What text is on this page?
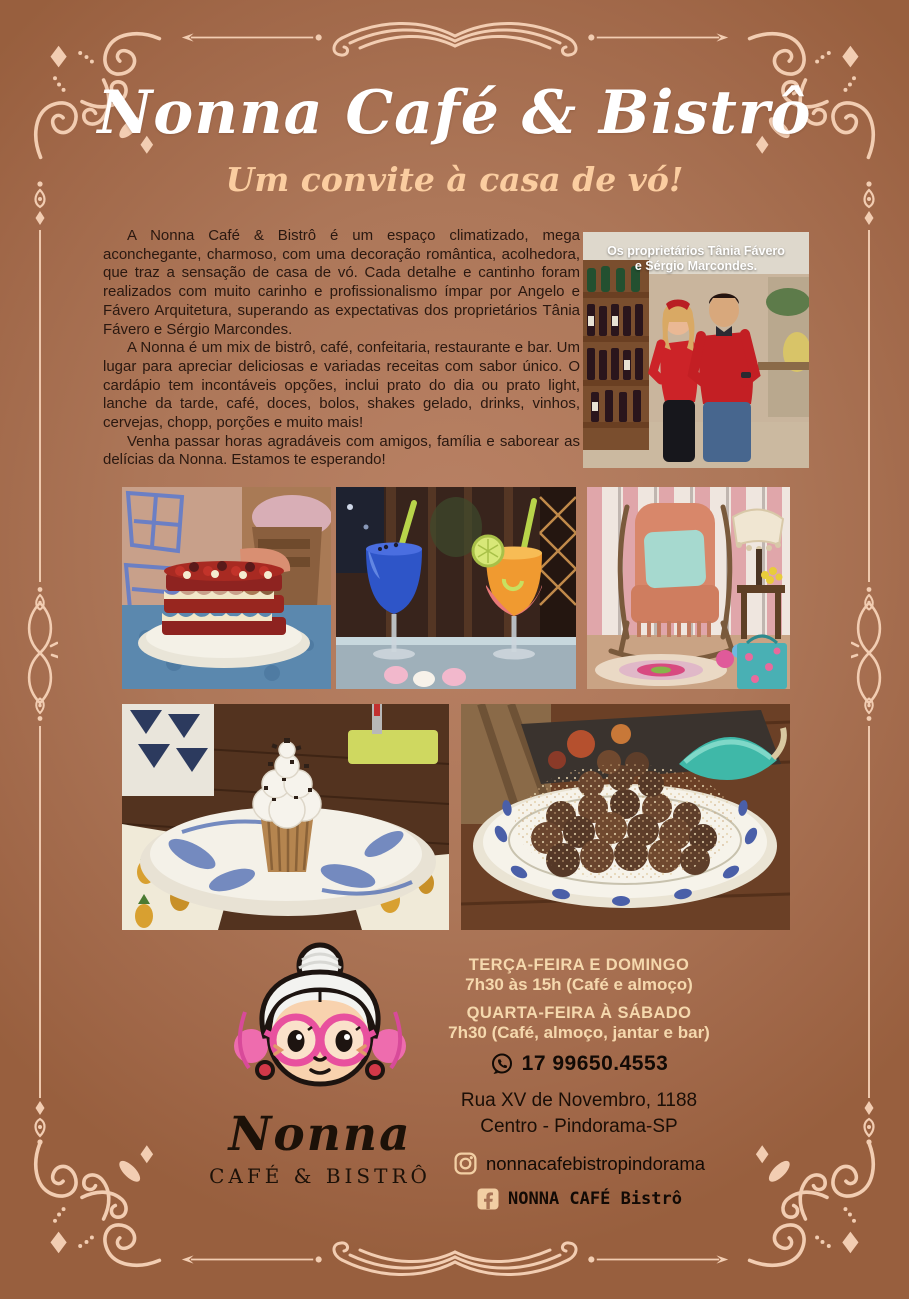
Nonna Café & Bistrô
Um convite à casa de vó!

A Nonna Café & Bistrô é um espaço climatizado, mega aconchegante, charmoso, com uma decoração romântica, acolhedora, que traz a sensação de casa de vó. Cada detalhe e cantinho foram realizados com muito carinho e profissionalismo ímpar por Angelo e Fávero Arquitetura, superando as expectativas dos proprietários Tânia Fávero e Sérgio Marcondes.

A Nonna é um mix de bistrô, café, confeitaria, restaurante e bar. Um lugar para apreciar deliciosas e variadas receitas com sabor único. O cardápio tem incontáveis opções, inclui prato do dia ou prato light, lanche da tarde, café, doces, bolos, shakes gelado, drinks, vinhos, cervejas, chopp, porções e muito mais!

Venha passar horas agradáveis com amigos, família e saborear as delícias da Nonna. Estamos te esperando!

Os proprietários Tânia Fávero
e Sérgio Marcondes.
Nonna
CAFÉ & BISTRÔ
TERÇA-FEIRA E DOMINGO
7h30 às 15h (Café e almoço)
QUARTA-FEIRA À SÁBADO
7h30 (Café, almoço, jantar e bar)
17 99650.4553
Rua XV de Novembro, 1188
Centro - Pindorama-SP
nonnacafebistropindorama
NONNA CAFÉ Bistrô
